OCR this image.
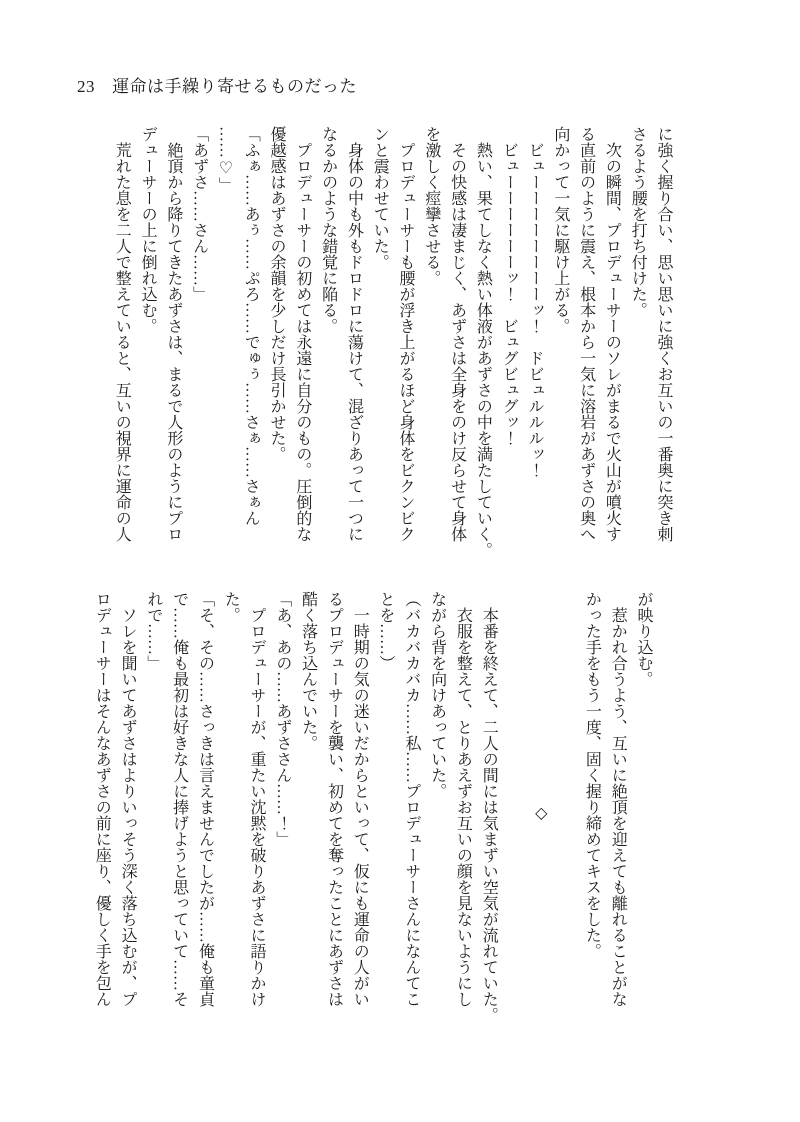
23 運命は手繰り寄せるものだった

に強く握り合い、思い思いに強くお互いの一番奥に突き刺

さるよう腰を打ち付けた。

　次の瞬間、プロデューサーのソレがまるで火山が噴火す

る直前のように震え、根本から一気に溶岩があずさの奥へ

向かって一気に駆け上がる。

　ビューーーーーーーーッ！　ドビュルルルッ！

　ビューーーーーーッ！　ビュグビュグッ！

　熱い、果てしなく熱い体液があずさの中を満たしていく。

　その快感は凄まじく、あずさは全身をのけ反らせて身体

を激しく痙攣させる。

　プロデューサーも腰が浮き上がるほど身体をビクンビク

ンと震わせていた。

　身体の中も外もドロドロに蕩けて、混ざりあって一つに

なるかのような錯覚に陥る。

　プロデューサーの初めては永遠に自分のもの。圧倒的な

優越感はあずさの余韻を少しだけ長引かせた。

「ふぁ……あぅ……ぷろ……でゅぅ……さぁ……さぁん

……♡」

「あずさ……さん……」

　絶頂から降りてきたあずさは、まるで人形のようにプロ

デューサーの上に倒れ込む。

　荒れた息を二人で整えていると、互いの視界に運命の人

が映り込む。

　惹かれ合うよう、互いに絶頂を迎えても離れることがな

かった手をもう一度、固く握り締めてキスをした。

◇

　本番を終えて、二人の間には気まずい空気が流れていた。

　衣服を整えて、とりあえずお互いの顔を見ないようにし

ながら背を向けあっていた。

（バカバカバカ……私……プロデューサーさんになんてこ

とを……）

　一時期の気の迷いだからといって、仮にも運命の人がい

るプロデューサーを襲い、初めてを奪ったことにあずさは

酷く落ち込んでいた。

「あ、あの……あずささん……！」

　プロデューサーが、重たい沈黙を破りあずさに語りかけ

た。

「そ、その……さっきは言えませんでしたが……俺も童貞

で……俺も最初は好きな人に捧げようと思っていて……そ

れで……」

　ソレを聞いてあずさはよりいっそう深く落ち込むが、プ

ロデューサーはそんなあずさの前に座り、優しく手を包ん
